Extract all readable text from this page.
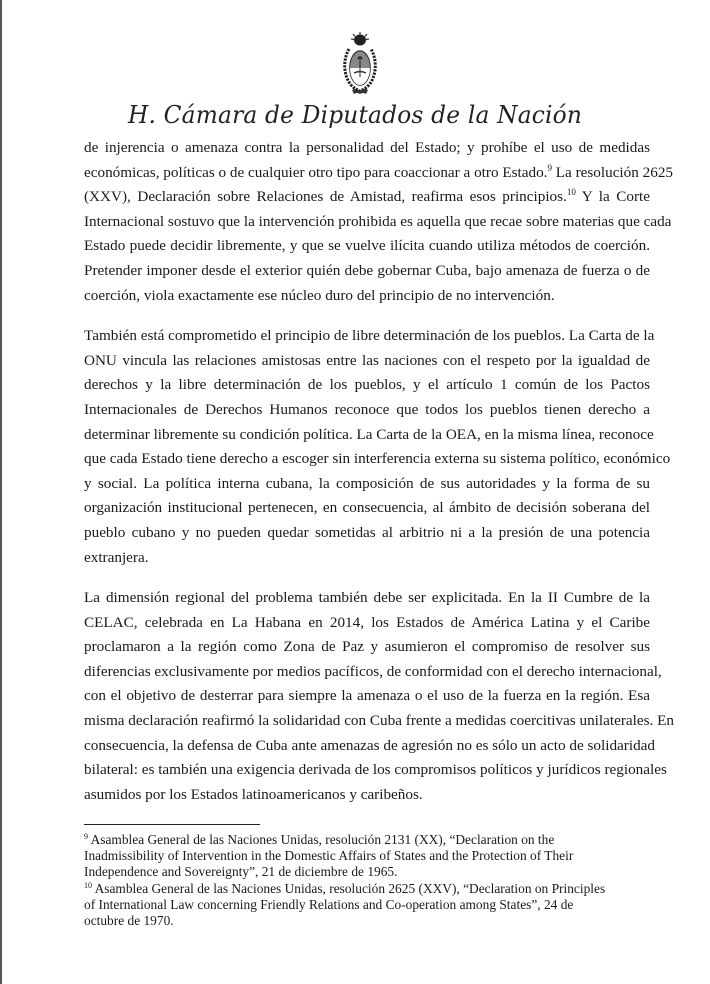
H. Cámara de Diputados de la Nación

de injerencia o amenaza contra la personalidad del Estado; y prohíbe el uso de medidas
económicas, políticas o de cualquier otro tipo para coaccionar a otro Estado.$^9$ La resolución 2625
(XXV), Declaración sobre Relaciones de Amistad, reafirma esos principios.$^{10}$ Y la Corte
Internacional sostuvo que la intervención prohibida es aquella que recae sobre materias que cada
Estado puede decidir libremente, y que se vuelve ilícita cuando utiliza métodos de coerción.
Pretender imponer desde el exterior quién debe gobernar Cuba, bajo amenaza de fuerza o de
coerción, viola exactamente ese núcleo duro del principio de no intervención.

También está comprometido el principio de libre determinación de los pueblos. La Carta de la
ONU vincula las relaciones amistosas entre las naciones con el respeto por la igualdad de
derechos y la libre determinación de los pueblos, y el artículo 1 común de los Pactos
Internacionales de Derechos Humanos reconoce que todos los pueblos tienen derecho a
determinar libremente su condición política. La Carta de la OEA, en la misma línea, reconoce
que cada Estado tiene derecho a escoger sin interferencia externa su sistema político, económico
y social. La política interna cubana, la composición de sus autoridades y la forma de su
organización institucional pertenecen, en consecuencia, al ámbito de decisión soberana del
pueblo cubano y no pueden quedar sometidas al arbitrio ni a la presión de una potencia
extranjera.

La dimensión regional del problema también debe ser explicitada. En la II Cumbre de la
CELAC, celebrada en La Habana en 2014, los Estados de América Latina y el Caribe
proclamaron a la región como Zona de Paz y asumieron el compromiso de resolver sus
diferencias exclusivamente por medios pacíficos, de conformidad con el derecho internacional,
con el objetivo de desterrar para siempre la amenaza o el uso de la fuerza en la región. Esa
misma declaración reafirmó la solidaridad con Cuba frente a medidas coercitivas unilaterales. En
consecuencia, la defensa de Cuba ante amenazas de agresión no es sólo un acto de solidaridad
bilateral: es también una exigencia derivada de los compromisos políticos y jurídicos regionales
asumidos por los Estados latinoamericanos y caribeños.

$^9$ Asamblea General de las Naciones Unidas, resolución 2131 (XX), “Declaration on the
Inadmissibility of Intervention in the Domestic Affairs of States and the Protection of Their
Independence and Sovereignty”, 21 de diciembre de 1965.

$^{10}$ Asamblea General de las Naciones Unidas, resolución 2625 (XXV), “Declaration on Principles
of International Law concerning Friendly Relations and Co-operation among States”, 24 de
octubre de 1970.
